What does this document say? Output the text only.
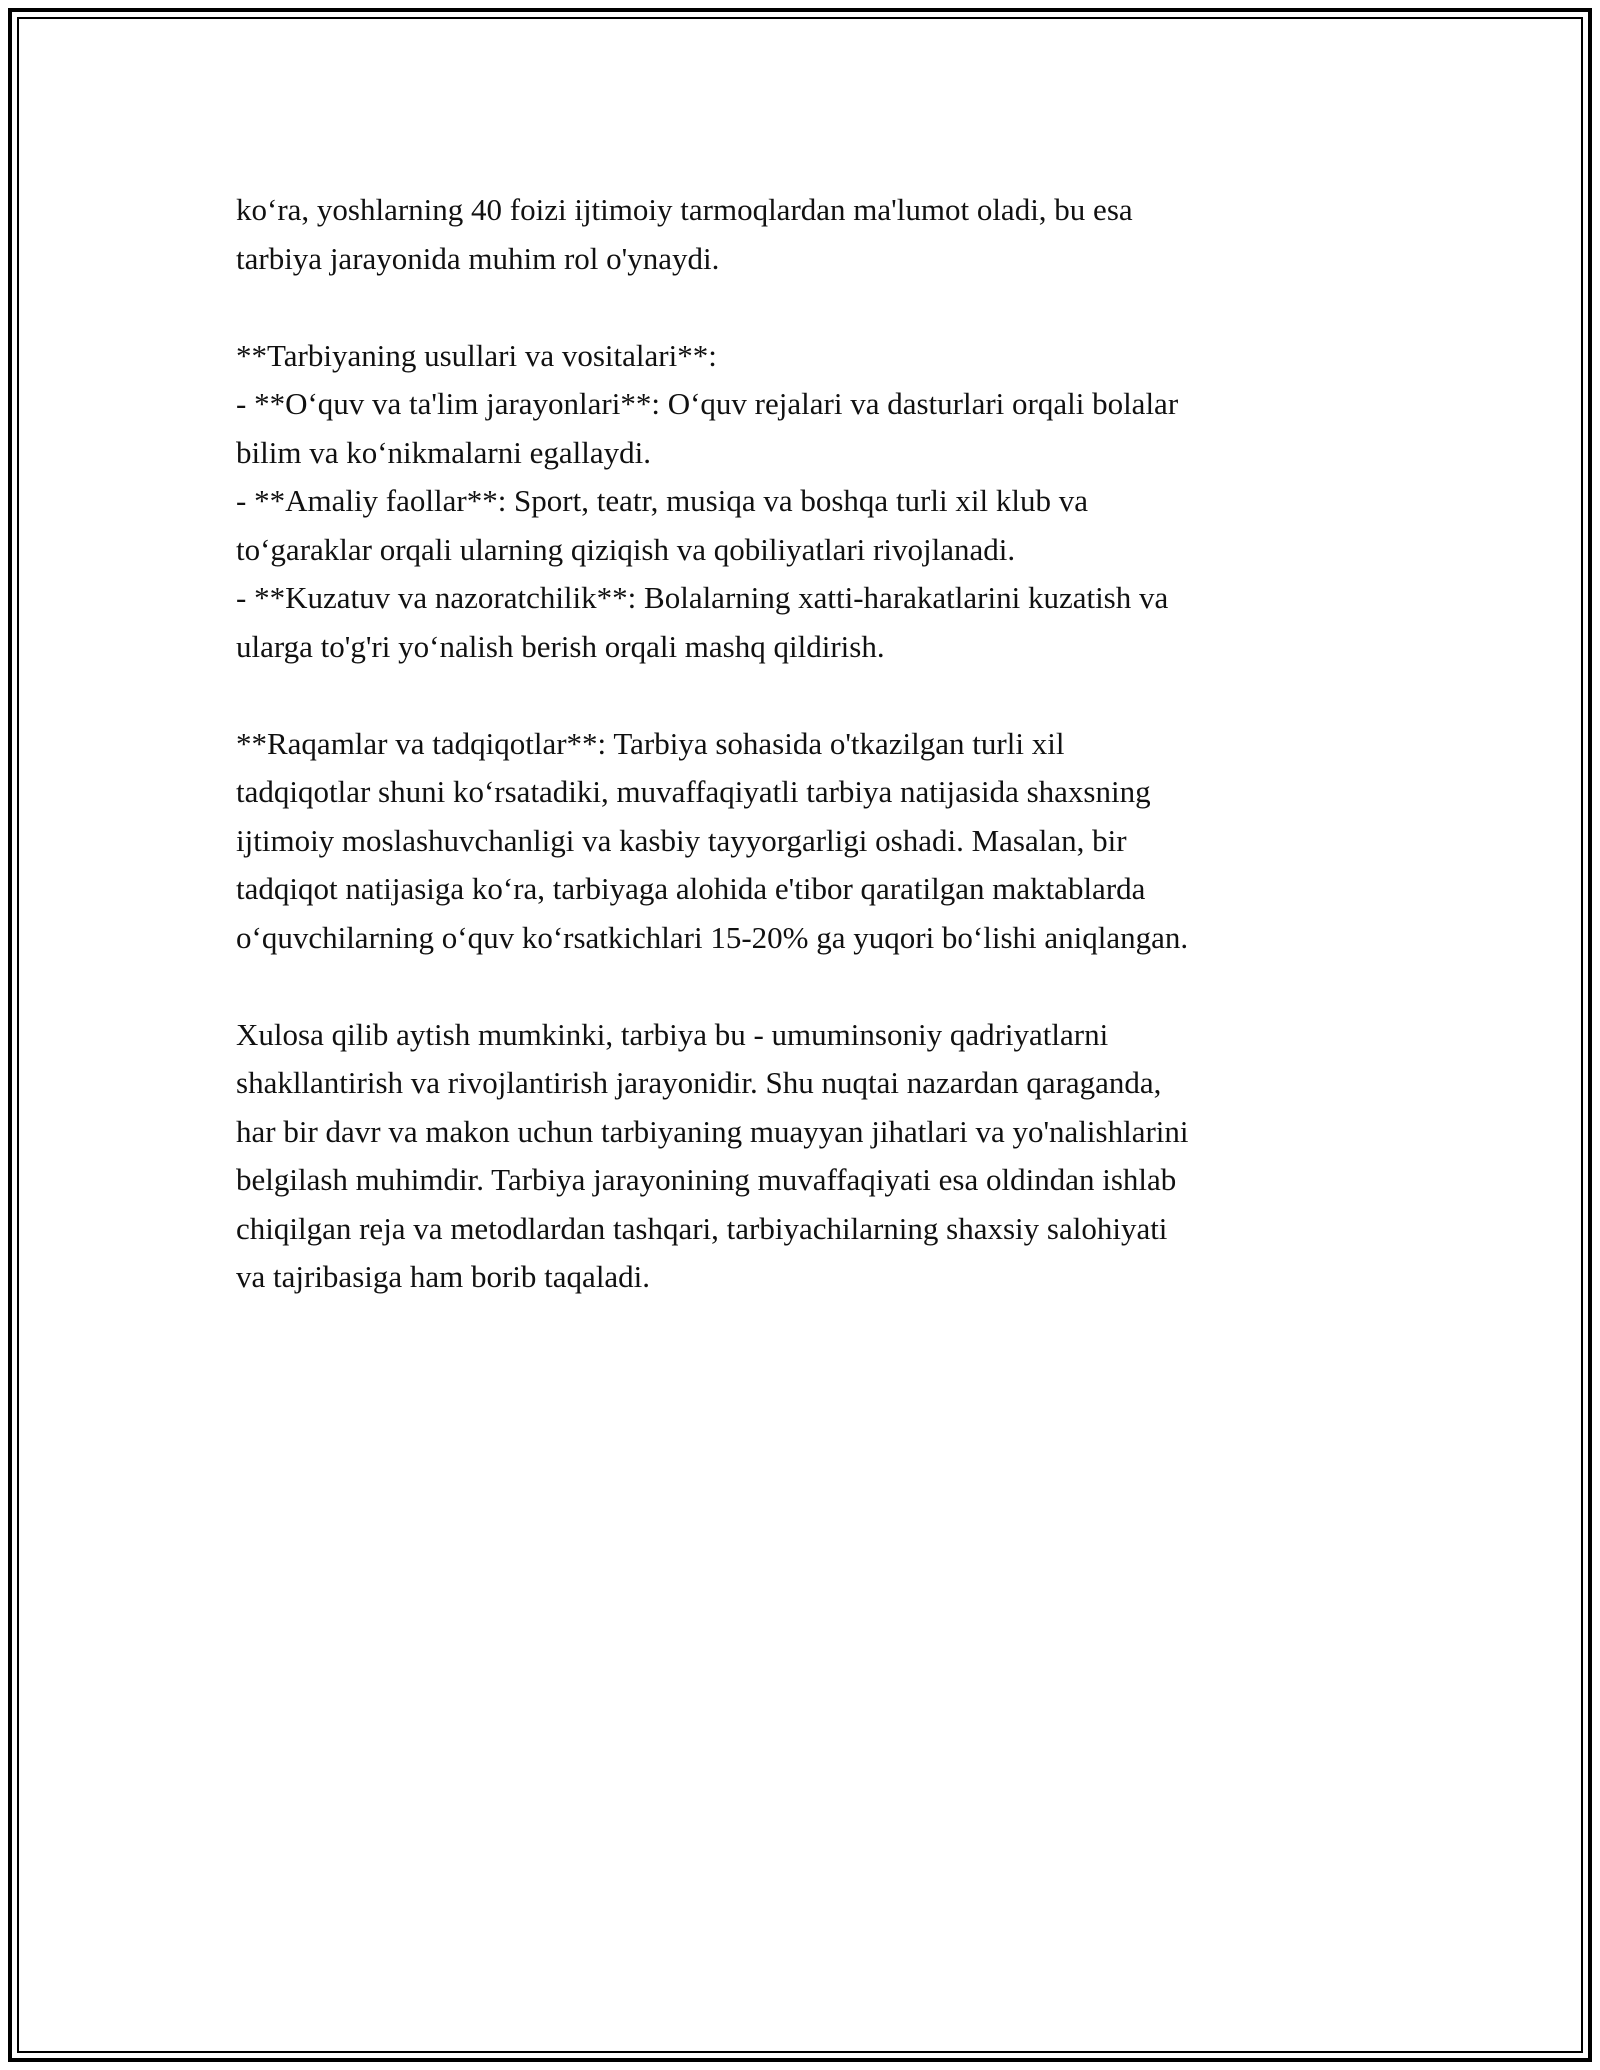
ko‘ra, yoshlarning 40 foizi ijtimoiy tarmoqlardan ma'lumot oladi, bu esa
tarbiya jarayonida muhim rol o'ynaydi.
**Tarbiyaning usullari va vositalari**:
- **O‘quv va ta'lim jarayonlari**: O‘quv rejalari va dasturlari orqali bolalar
bilim va ko‘nikmalarni egallaydi.
- **Amaliy faollar**: Sport, teatr, musiqa va boshqa turli xil klub va
to‘garaklar orqali ularning qiziqish va qobiliyatlari rivojlanadi.
- **Kuzatuv va nazoratchilik**: Bolalarning xatti-harakatlarini kuzatish va
ularga to'g'ri yo‘nalish berish orqali mashq qildirish.
**Raqamlar va tadqiqotlar**: Tarbiya sohasida o'tkazilgan turli xil
tadqiqotlar shuni ko‘rsatadiki, muvaffaqiyatli tarbiya natijasida shaxsning
ijtimoiy moslashuvchanligi va kasbiy tayyorgarligi oshadi. Masalan, bir
tadqiqot natijasiga ko‘ra, tarbiyaga alohida e'tibor qaratilgan maktablarda
o‘quvchilarning o‘quv ko‘rsatkichlari 15-20% ga yuqori bo‘lishi aniqlangan.
Xulosa qilib aytish mumkinki, tarbiya bu - umuminsoniy qadriyatlarni
shakllantirish va rivojlantirish jarayonidir. Shu nuqtai nazardan qaraganda,
har bir davr va makon uchun tarbiyaning muayyan jihatlari va yo'nalishlarini
belgilash muhimdir. Tarbiya jarayonining muvaffaqiyati esa oldindan ishlab
chiqilgan reja va metodlardan tashqari, tarbiyachilarning shaxsiy salohiyati
va tajribasiga ham borib taqaladi.
